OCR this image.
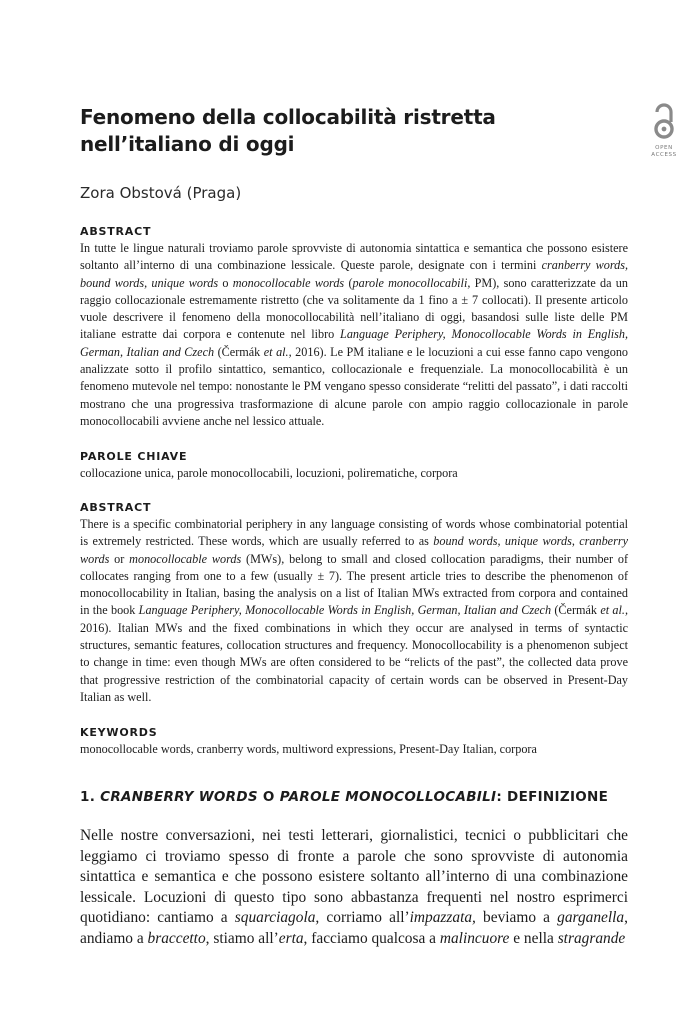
OPEN
ACCESS
Fenomeno della collocabilità ristretta nell’italiano di oggi
Zora Obstová (Praga)
ABSTRACT

In tutte le lingue naturali troviamo parole sprovviste di autonomia sintattica e semantica che possono esistere soltanto all’interno di una combinazione lessicale. Queste parole, designate con i termini cranberry words, bound words, unique words o monocollocable words (parole monocollocabili, PM), sono caratterizzate da un raggio collocazionale estremamente ristretto (che va solitamente da 1 fino a ± 7 collocati). Il presente articolo vuole descrivere il fenomeno della monocollocabilità nell’italiano di oggi, basandosi sulle liste delle PM italiane estratte dai corpora e contenute nel libro Language Periphery, Monocollocable Words in English, German, Italian and Czech (Čermák et al., 2016). Le PM italiane e le locuzioni a cui esse fanno capo vengono analizzate sotto il profilo sintattico, semantico, collocazionale e frequenziale. La monocollocabilità è un fenomeno mutevole nel tempo: nonostante le PM vengano spesso considerate “relitti del passato”, i dati raccolti mostrano che una progressiva trasformazione di alcune parole con ampio raggio collocazionale in parole monocollocabili avviene anche nel lessico attuale.

PAROLE CHIAVE

collocazione unica, parole monocollocabili, locuzioni, polirematiche, corpora

ABSTRACT

There is a specific combinatorial periphery in any language consisting of words whose combinatorial potential is extremely restricted. These words, which are usually referred to as bound words, unique words, cranberry words or monocollocable words (MWs), belong to small and closed collocation paradigms, their number of collocates ranging from one to a few (usually ± 7). The present article tries to describe the phenomenon of monocollocability in Italian, basing the analysis on a list of Italian MWs extracted from corpora and contained in the book Language Periphery, Monocollocable Words in English, German, Italian and Czech (Čermák et al., 2016). Italian MWs and the fixed combinations in which they occur are analysed in terms of syntactic structures, semantic features, collocation structures and frequency. Monocollocability is a phenomenon subject to change in time: even though MWs are often considered to be “relicts of the past”, the collected data prove that progressive restriction of the combinatorial capacity of certain words can be observed in Present-Day Italian as well.

KEYWORDS

monocollocable words, cranberry words, multiword expressions, Present-Day Italian, corpora

1. CRANBERRY WORDS O PAROLE MONOCOLLOCABILI: DEFINIZIONE

Nelle nostre conversazioni, nei testi letterari, giornalistici, tecnici o pubblicitari che leggiamo ci troviamo spesso di fronte a parole che sono sprovviste di autonomia sintattica e semantica e che possono esistere soltanto all’interno di una combinazione lessicale. Locuzioni di questo tipo sono abbastanza frequenti nel nostro esprimerci quotidiano: cantiamo a squarciagola, corriamo all’impazzata, beviamo a garganella, andiamo a braccetto, stiamo all’erta, facciamo qualcosa a malincuore e nella stragrande
